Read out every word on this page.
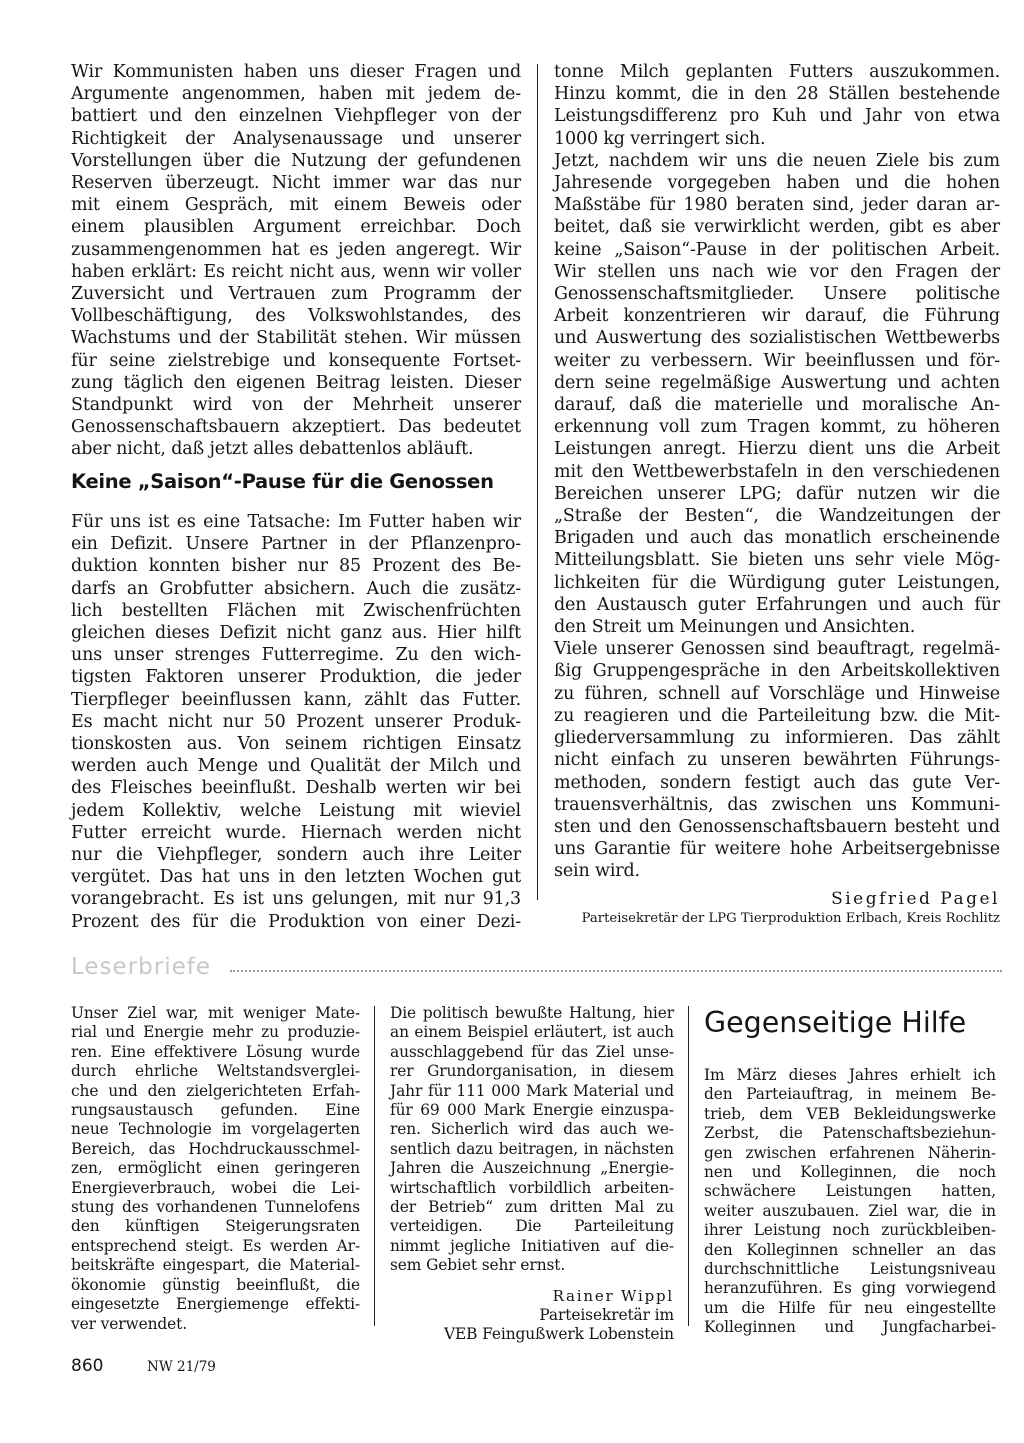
Wir Kommunisten haben uns dieser Fragen und
Argumente angenommen, haben mit jedem de-
battiert und den einzelnen Viehpfleger von der
Richtigkeit der Analysenaussage und unserer
Vorstellungen über die Nutzung der gefundenen
Reserven überzeugt. Nicht immer war das nur
mit einem Gespräch, mit einem Beweis oder
einem plausiblen Argument erreichbar. Doch
zusammengenommen hat es jeden angeregt. Wir
haben erklärt: Es reicht nicht aus, wenn wir voller
Zuversicht und Vertrauen zum Programm der
Vollbeschäftigung, des Volkswohlstandes, des
Wachstums und der Stabilität stehen. Wir müssen
für seine zielstrebige und konsequente Fortset-
zung täglich den eigenen Beitrag leisten. Dieser
Standpunkt wird von der Mehrheit unserer
Genossenschaftsbauern akzeptiert. Das bedeutet
aber nicht, daß jetzt alles debattenlos abläuft.
Keine „Saison“-Pause für die Genossen
Für uns ist es eine Tatsache: Im Futter haben wir
ein Defizit. Unsere Partner in der Pflanzenpro-
duktion konnten bisher nur 85 Prozent des Be-
darfs an Grobfutter absichern. Auch die zusätz-
lich bestellten Flächen mit Zwischenfrüchten
gleichen dieses Defizit nicht ganz aus. Hier hilft
uns unser strenges Futterregime. Zu den wich-
tigsten Faktoren unserer Produktion, die jeder
Tierpfleger beeinflussen kann, zählt das Futter.
Es macht nicht nur 50 Prozent unserer Produk-
tionskosten aus. Von seinem richtigen Einsatz
werden auch Menge und Qualität der Milch und
des Fleisches beeinflußt. Deshalb werten wir bei
jedem Kollektiv, welche Leistung mit wieviel
Futter erreicht wurde. Hiernach werden nicht
nur die Viehpfleger, sondern auch ihre Leiter
vergütet. Das hat uns in den letzten Wochen gut
vorangebracht. Es ist uns gelungen, mit nur 91,3
Prozent des für die Produktion von einer Dezi-
tonne Milch geplanten Futters auszukommen.
Hinzu kommt, die in den 28 Ställen bestehende
Leistungsdifferenz pro Kuh und Jahr von etwa
1000 kg verringert sich.
Jetzt, nachdem wir uns die neuen Ziele bis zum
Jahresende vorgegeben haben und die hohen
Maßstäbe für 1980 beraten sind, jeder daran ar-
beitet, daß sie verwirklicht werden, gibt es aber
keine „Saison“-Pause in der politischen Arbeit.
Wir stellen uns nach wie vor den Fragen der
Genossenschaftsmitglieder. Unsere politische
Arbeit konzentrieren wir darauf, die Führung
und Auswertung des sozialistischen Wettbewerbs
weiter zu verbessern. Wir beeinflussen und för-
dern seine regelmäßige Auswertung und achten
darauf, daß die materielle und moralische An-
erkennung voll zum Tragen kommt, zu höheren
Leistungen anregt. Hierzu dient uns die Arbeit
mit den Wettbewerbstafeln in den verschiedenen
Bereichen unserer LPG; dafür nutzen wir die
„Straße der Besten“, die Wandzeitungen der
Brigaden und auch das monatlich erscheinende
Mitteilungsblatt. Sie bieten uns sehr viele Mög-
lichkeiten für die Würdigung guter Leistungen,
den Austausch guter Erfahrungen und auch für
den Streit um Meinungen und Ansichten.
Viele unserer Genossen sind beauftragt, regelmä-
ßig Gruppengespräche in den Arbeitskollektiven
zu führen, schnell auf Vorschläge und Hinweise
zu reagieren und die Parteileitung bzw. die Mit-
gliederversammlung zu informieren. Das zählt
nicht einfach zu unseren bewährten Führungs-
methoden, sondern festigt auch das gute Ver-
trauensverhältnis, das zwischen uns Kommuni-
sten und den Genossenschaftsbauern besteht und
uns Garantie für weitere hohe Arbeitsergebnisse
sein wird.
Siegfried Pagel
Parteisekretär der LPG Tierproduktion Erlbach, Kreis Rochlitz
Leserbriefe
Unser Ziel war, mit weniger Mate-
rial und Energie mehr zu produzie-
ren. Eine effektivere Lösung wurde
durch ehrliche Weltstandsverglei-
che und den zielgerichteten Erfah-
rungsaustausch gefunden. Eine
neue Technologie im vorgelagerten
Bereich, das Hochdruckausschmel-
zen, ermöglicht einen geringeren
Energieverbrauch, wobei die Lei-
stung des vorhandenen Tunnelofens
den künftigen Steigerungsraten
entsprechend steigt. Es werden Ar-
beitskräfte eingespart, die Material-
ökonomie günstig beeinflußt, die
eingesetzte Energiemenge effekti-
ver verwendet.
Die politisch bewußte Haltung, hier
an einem Beispiel erläutert, ist auch
ausschlaggebend für das Ziel unse-
rer Grundorganisation, in diesem
Jahr für 111 000 Mark Material und
für 69 000 Mark Energie einzuspa-
ren. Sicherlich wird das auch we-
sentlich dazu beitragen, in nächsten
Jahren die Auszeichnung „Energie-
wirtschaftlich vorbildlich arbeiten-
der Betrieb“ zum dritten Mal zu
verteidigen. Die Parteileitung
nimmt jegliche Initiativen auf die-
sem Gebiet sehr ernst.
Rainer Wippl
Parteisekretär im
VEB Feingußwerk Lobenstein
Gegenseitige Hilfe
Im März dieses Jahres erhielt ich
den Parteiauftrag, in meinem Be-
trieb, dem VEB Bekleidungswerke
Zerbst, die Patenschaftsbeziehun-
gen zwischen erfahrenen Näherin-
nen und Kolleginnen, die noch
schwächere Leistungen hatten,
weiter auszubauen. Ziel war, die in
ihrer Leistung noch zurückbleiben-
den Kolleginnen schneller an das
durchschnittliche Leistungsniveau
heranzuführen. Es ging vorwiegend
um die Hilfe für neu eingestellte
Kolleginnen und Jungfacharbei-
860	NW 21/79
